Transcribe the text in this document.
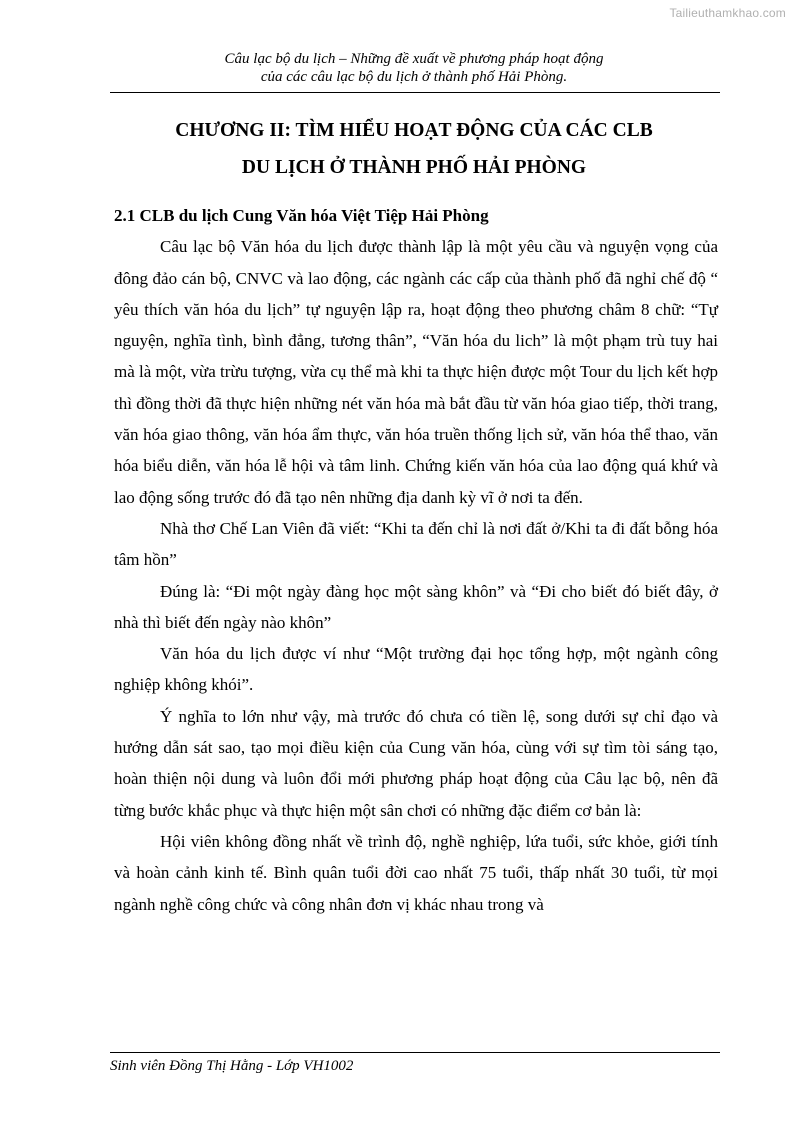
Tailieuthamkhao.com
Câu lạc bộ du lịch – Những đề xuất về phương pháp hoạt động
của các câu lạc bộ du lịch ở thành phố Hải Phòng.
CHƯƠNG II: TÌM HIỂU HOẠT ĐỘNG CỦA CÁC CLB
DU LỊCH Ở THÀNH PHỐ HẢI PHÒNG
2.1 CLB du lịch Cung Văn hóa Việt Tiệp Hải Phòng

Câu lạc bộ Văn hóa du lịch được thành lập là một yêu cầu và nguyện vọng của đông đảo cán bộ, CNVC và lao động, các ngành các cấp của thành phố đã nghỉ chế độ “ yêu thích văn hóa du lịch” tự nguyện lập ra, hoạt động theo phương châm 8 chữ: “Tự nguyện, nghĩa tình, bình đẳng, tương thân”, “Văn hóa du lich” là một phạm trù tuy hai mà là một, vừa trừu tượng, vừa cụ thể mà khi ta thực hiện được một Tour du lịch kết hợp thì đồng thời đã thực hiện những nét văn hóa mà bắt đầu từ văn hóa giao tiếp, thời trang, văn hóa giao thông, văn hóa ẩm thực, văn hóa truền thống lịch sử, văn hóa thể thao, văn hóa biểu diễn, văn hóa lễ hội và tâm linh. Chứng kiến văn hóa của lao động quá khứ và lao động sống trước đó đã tạo nên những địa danh kỳ vĩ ở nơi ta đến.

Nhà thơ Chế Lan Viên đã viết: “Khi ta đến chỉ là nơi đất ở/Khi ta đi đất bỗng hóa tâm hồn”

Đúng là: “Đi một ngày đàng học một sàng khôn” và “Đi cho biết đó biết đây, ở nhà thì biết đến ngày nào khôn”

Văn hóa du lịch được ví như “Một trường đại học tổng hợp, một ngành công nghiệp không khói”.

Ý nghĩa to lớn như vậy, mà trước đó chưa có tiền lệ, song dưới sự chỉ đạo và hướng dẫn sát sao, tạo mọi điều kiện của Cung văn hóa, cùng với sự tìm tòi sáng tạo, hoàn thiện nội dung và luôn đổi mới phương pháp hoạt động của Câu lạc bộ, nên đã từng bước khắc phục và thực hiện một sân chơi có những đặc điểm cơ bản là:

Hội viên không đồng nhất về trình độ, nghề nghiệp, lứa tuổi, sức khỏe, giới tính và hoàn cảnh kinh tế. Bình quân tuổi đời cao nhất 75 tuổi, thấp nhất 30 tuổi, từ mọi ngành nghề công chức và công nhân đơn vị khác nhau trong và

Sinh viên Đồng Thị Hằng - Lớp VH1002
